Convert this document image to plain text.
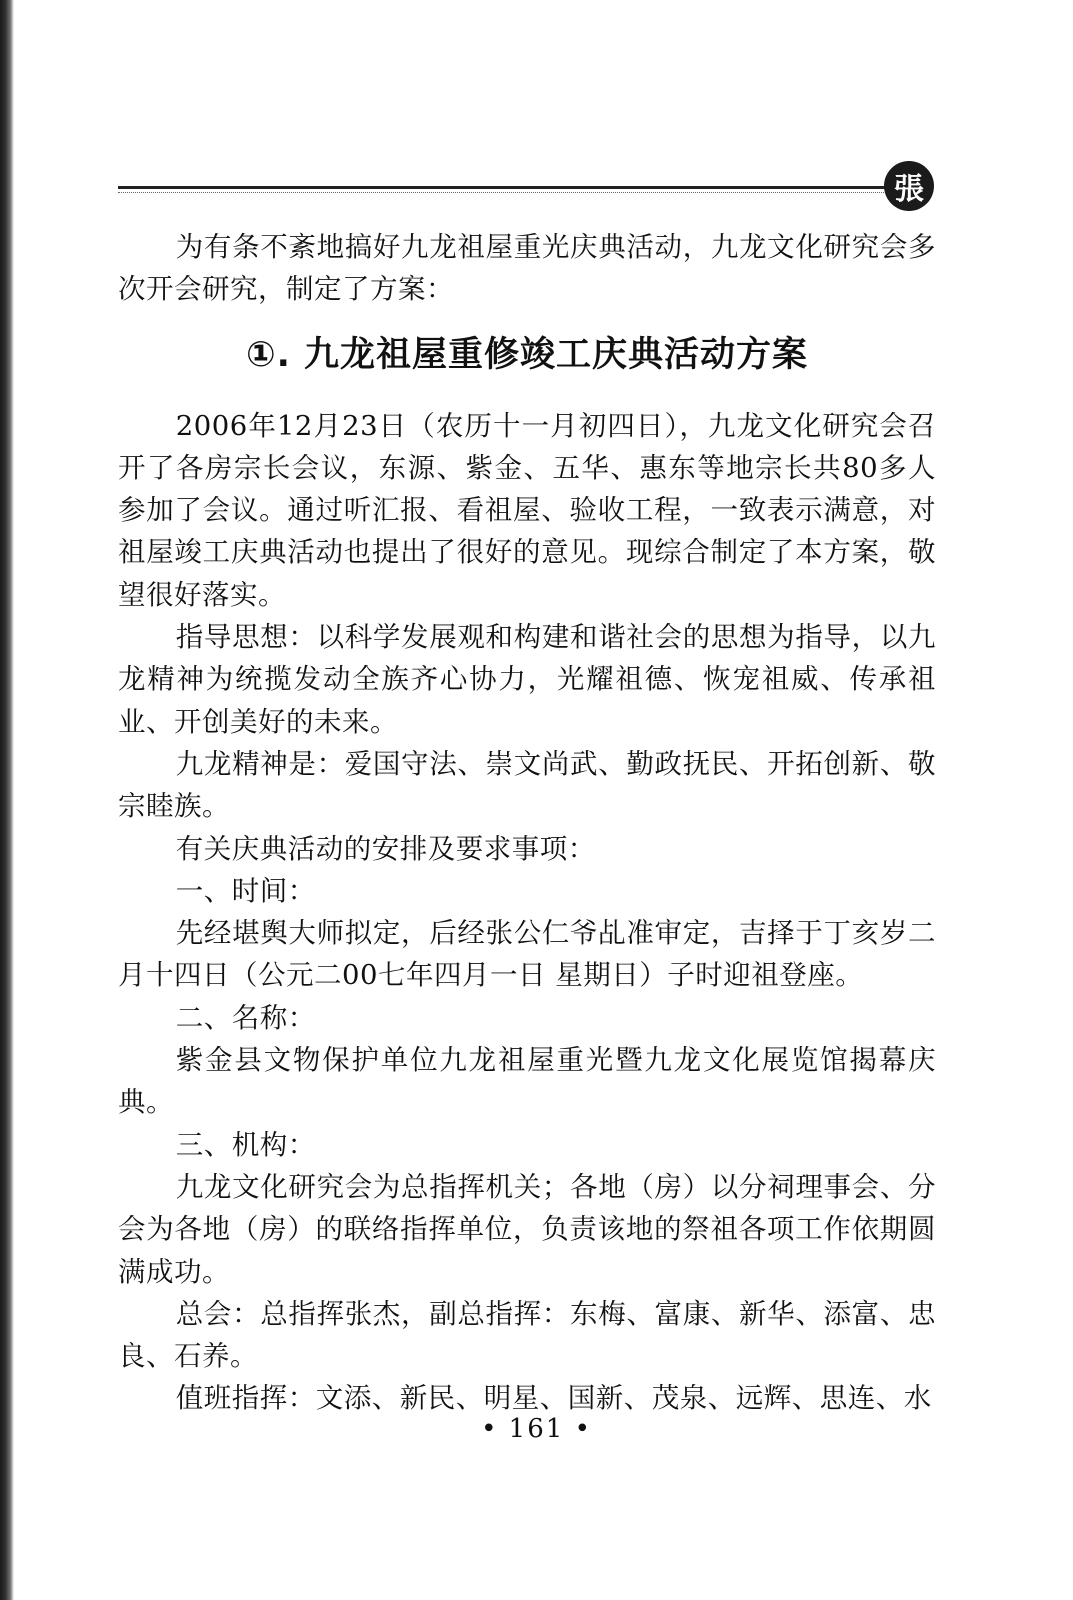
張

为有条不紊地搞好九龙祖屋重光庆典活动，九龙文化研究会多次开会研究，制定了方案：

①. 九龙祖屋重修竣工庆典活动方案

2006年12月23日（农历十一月初四日），九龙文化研究会召开了各房宗长会议，东源、紫金、五华、惠东等地宗长共80多人参加了会议。通过听汇报、看祖屋、验收工程，一致表示满意，对祖屋竣工庆典活动也提出了很好的意见。现综合制定了本方案，敬望很好落实。

指导思想：以科学发展观和构建和谐社会的思想为指导，以九龙精神为统揽发动全族齐心协力，光耀祖德、恢宠祖威、传承祖业、开创美好的未来。

九龙精神是：爱国守法、崇文尚武、勤政抚民、开拓创新、敬宗睦族。

有关庆典活动的安排及要求事项：

一、时间：

先经堪舆大师拟定，后经张公仁爷乩准审定，吉择于丁亥岁二月十四日（公元二00七年四月一日 星期日）子时迎祖登座。

二、名称：

紫金县文物保护单位九龙祖屋重光暨九龙文化展览馆揭幕庆典。

三、机构：

九龙文化研究会为总指挥机关；各地（房）以分祠理事会、分会为各地（房）的联络指挥单位，负责该地的祭祖各项工作依期圆满成功。

总会：总指挥张杰，副总指挥：东梅、富康、新华、添富、忠良、石养。

值班指挥：文添、新民、明星、国新、茂泉、远辉、思连、水

• 161 •
